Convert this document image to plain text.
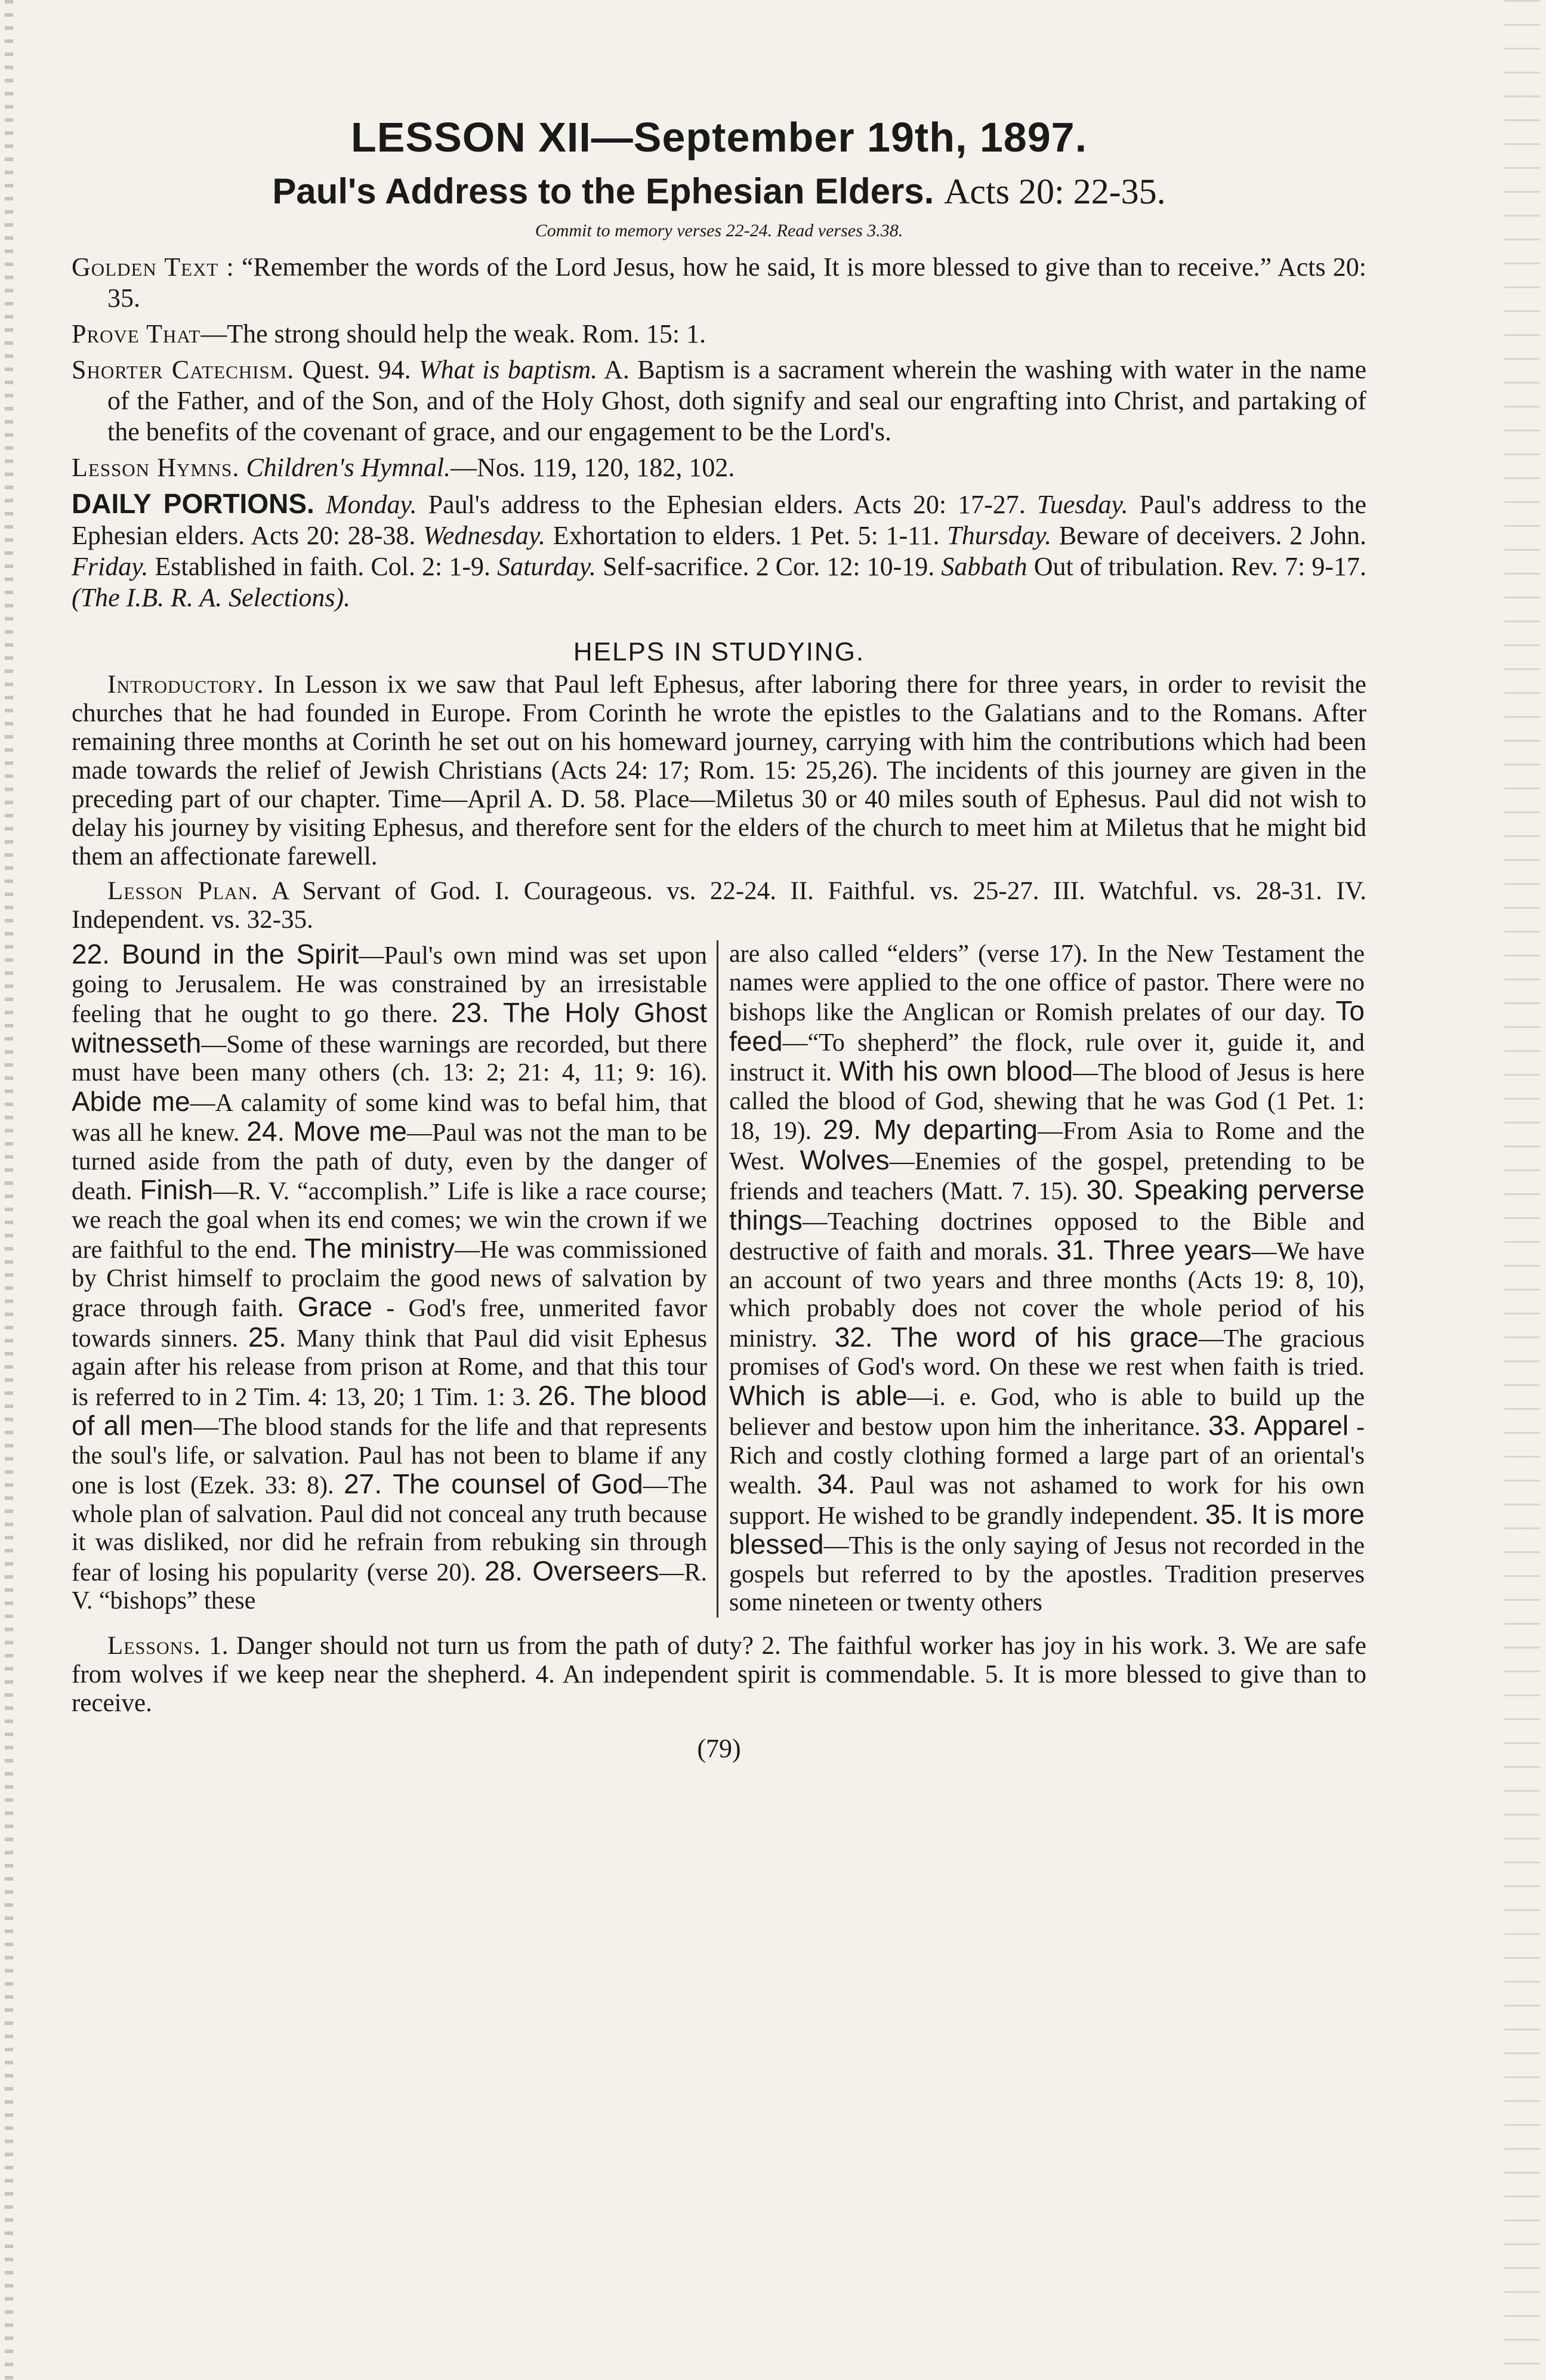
LESSON XII—September 19th, 1897.
Paul's Address to the Ephesian Elders. Acts 20: 22-35.
Commit to memory verses 22-24. Read verses 3.38.
Golden Text : “Remember the words of the Lord Jesus, how he said, It is more blessed to give than to receive.” Acts 20: 35.
Prove That—The strong should help the weak. Rom. 15: 1.
Shorter Catechism. Quest. 94. What is baptism. A. Baptism is a sacrament wherein the washing with water in the name of the Father, and of the Son, and of the Holy Ghost, doth signify and seal our engrafting into Christ, and partaking of the benefits of the covenant of grace, and our engagement to be the Lord's.
Lesson Hymns. Children's Hymnal.—Nos. 119, 120, 182, 102.
DAILY PORTIONS. Monday. Paul's address to the Ephesian elders. Acts 20: 17-27. Tuesday. Paul's address to the Ephesian elders. Acts 20: 28-38. Wednesday. Exhortation to elders. 1 Pet. 5: 1-11. Thursday. Beware of deceivers. 2 John. Friday. Established in faith. Col. 2: 1-9. Saturday. Self-sacrifice. 2 Cor. 12: 10-19. Sabbath Out of tribulation. Rev. 7: 9-17. (The I.B. R. A. Selections).
HELPS IN STUDYING.
Introductory. In Lesson ix we saw that Paul left Ephesus, after laboring there for three years, in order to revisit the churches that he had founded in Europe. From Corinth he wrote the epistles to the Galatians and to the Romans. After remaining three months at Corinth he set out on his homeward journey, carrying with him the contributions which had been made towards the relief of Jewish Christians (Acts 24: 17; Rom. 15: 25,26). The incidents of this journey are given in the preceding part of our chapter. Time—April A. D. 58. Place—Miletus 30 or 40 miles south of Ephesus. Paul did not wish to delay his journey by visiting Ephesus, and therefore sent for the elders of the church to meet him at Miletus that he might bid them an affectionate farewell.
Lesson Plan. A Servant of God. I. Courageous. vs. 22-24. II. Faithful. vs. 25-27. III. Watchful. vs. 28-31. IV. Independent. vs. 32-35.
22. Bound in the Spirit—Paul's own mind was set upon going to Jerusalem. He was constrained by an irresistable feeling that he ought to go there. 23. The Holy Ghost witnesseth—Some of these warnings are recorded, but there must have been many others (ch. 13: 2; 21: 4, 11; 9: 16). Abide me—A calamity of some kind was to befal him, that was all he knew. 24. Move me—Paul was not the man to be turned aside from the path of duty, even by the danger of death. Finish—R. V. “accomplish.” Life is like a race course; we reach the goal when its end comes; we win the crown if we are faithful to the end. The ministry—He was commissioned by Christ himself to proclaim the good news of salvation by grace through faith. Grace - God's free, unmerited favor towards sinners. 25. Many think that Paul did visit Ephesus again after his release from prison at Rome, and that this tour is referred to in 2 Tim. 4: 13, 20; 1 Tim. 1: 3. 26. The blood of all men—The blood stands for the life and that represents the soul's life, or salvation. Paul has not been to blame if any one is lost (Ezek. 33: 8). 27. The counsel of God—The whole plan of salvation. Paul did not conceal any truth because it was disliked, nor did he refrain from rebuking sin through fear of losing his popularity (verse 20). 28. Overseers—R. V. “bishops” these
are also called “elders” (verse 17). In the New Testament the names were applied to the one office of pastor. There were no bishops like the Anglican or Romish prelates of our day. To feed—“To shepherd” the flock, rule over it, guide it, and instruct it. With his own blood—The blood of Jesus is here called the blood of God, shewing that he was God (1 Pet. 1: 18, 19). 29. My departing—From Asia to Rome and the West. Wolves—Enemies of the gospel, pretending to be friends and teachers (Matt. 7. 15). 30. Speaking perverse things—Teaching doctrines opposed to the Bible and destructive of faith and morals. 31. Three years—We have an account of two years and three months (Acts 19: 8, 10), which probably does not cover the whole period of his ministry. 32. The word of his grace—The gracious promises of God's word. On these we rest when faith is tried. Which is able—i. e. God, who is able to build up the believer and bestow upon him the inheritance. 33. Apparel - Rich and costly clothing formed a large part of an oriental's wealth. 34. Paul was not ashamed to work for his own support. He wished to be grandly independent. 35. It is more blessed—This is the only saying of Jesus not recorded in the gospels but referred to by the apostles. Tradition preserves some nineteen or twenty others
Lessons. 1. Danger should not turn us from the path of duty? 2. The faithful worker has joy in his work. 3. We are safe from wolves if we keep near the shepherd. 4. An independent spirit is commendable. 5. It is more blessed to give than to receive.
(79)
